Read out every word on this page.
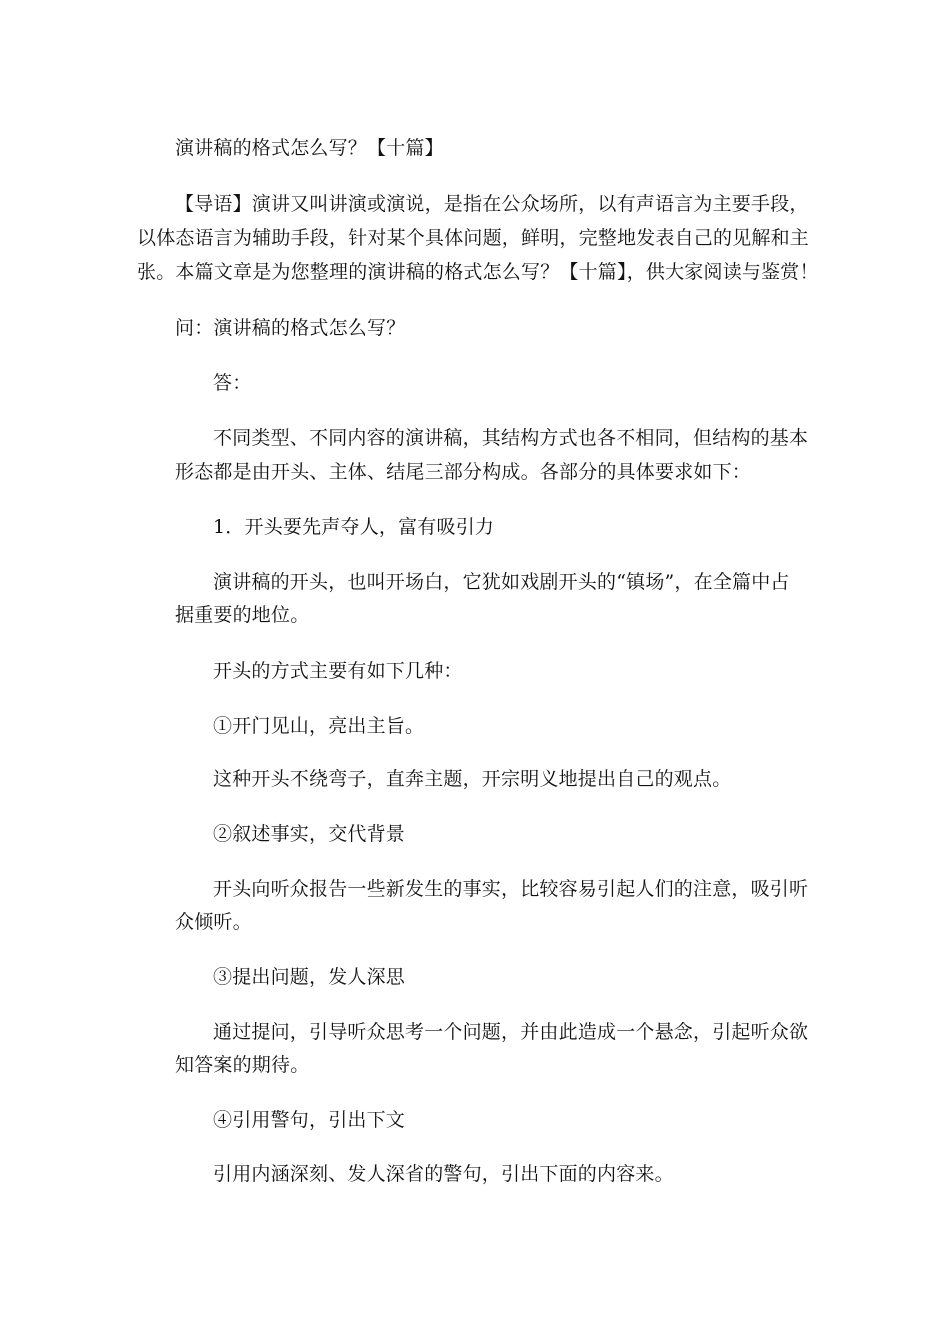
演讲稿的格式怎么写？【十篇】
【导语】演讲又叫讲演或演说，是指在公众场所，以有声语言为主要手段，
以体态语言为辅助手段，针对某个具体问题，鲜明，完整地发表自己的见解和主
张。本篇文章是为您整理的演讲稿的格式怎么写？【十篇】，供大家阅读与鉴赏！
问：演讲稿的格式怎么写？
答：
不同类型、不同内容的演讲稿，其结构方式也各不相同，但结构的基本
形态都是由开头、主体、结尾三部分构成。各部分的具体要求如下：
1．开头要先声夺人，富有吸引力
演讲稿的开头，也叫开场白，它犹如戏剧开头的“镇场”，在全篇中占
据重要的地位。
开头的方式主要有如下几种：
①开门见山，亮出主旨。
这种开头不绕弯子，直奔主题，开宗明义地提出自己的观点。
②叙述事实，交代背景
开头向听众报告一些新发生的事实，比较容易引起人们的注意，吸引听
众倾听。
③提出问题，发人深思
通过提问，引导听众思考一个问题，并由此造成一个悬念，引起听众欲
知答案的期待。
④引用警句，引出下文
引用内涵深刻、发人深省的警句，引出下面的内容来。
